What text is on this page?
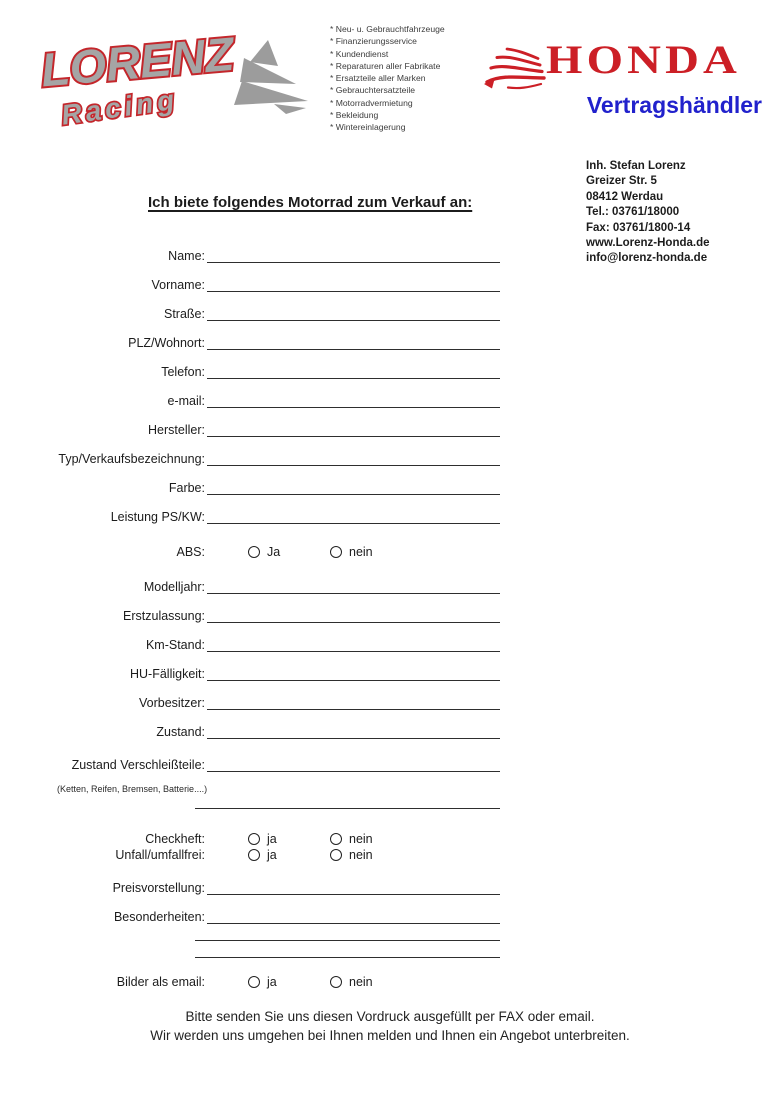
LORENZ
Racing
* Neu- u. Gebrauchtfahrzeuge
* Finanzierungsservice
* Kundendienst
* Reparaturen aller Fabrikate
* Ersatzteile aller Marken
* Gebrauchtersatzteile
* Motorradvermietung
* Bekleidung
* Wintereinlagerung
HONDA
Vertragshändler
Inh. Stefan Lorenz
Greizer Str. 5
08412 Werdau
Tel.: 03761/18000
Fax: 03761/1800-14
www.Lorenz-Honda.de
info@lorenz-honda.de
Ich biete folgendes Motorrad zum Verkauf an:
Name:
Vorname:
Straße:
PLZ/Wohnort:
Telefon:
e-mail:
Hersteller:
Typ/Verkaufsbezeichnung:
Farbe:
Leistung PS/KW:
ABS:	Ja	nein
Modelljahr:
Erstzulassung:
Km-Stand:
HU-Fälligkeit:
Vorbesitzer:
Zustand:
Zustand Verschleißteile:
(Ketten, Reifen, Bremsen, Batterie....)
Checkheft:	ja	nein
Unfall/umfallfrei:	ja	nein
Preisvorstellung:
Besonderheiten:
Bilder als email:	ja	nein
Bitte senden Sie uns diesen Vordruck ausgefüllt per FAX oder email.
Wir werden uns umgehen bei Ihnen melden und Ihnen ein Angebot unterbreiten.
